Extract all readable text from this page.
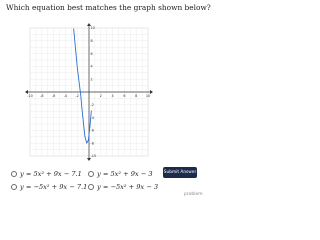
Which equation best matches the graph shown below?
-10 -8 -6 -4 -2	2	4	6	8	10
10
8
6
4
2
-2
-4
-6
-8
-10
y = 5x² + 9x − 7.1 y = 5x² + 9x − 3
y = −5x² + 9x − 7.1 y = −5x² + 9x − 3
Submit Answer
problem
